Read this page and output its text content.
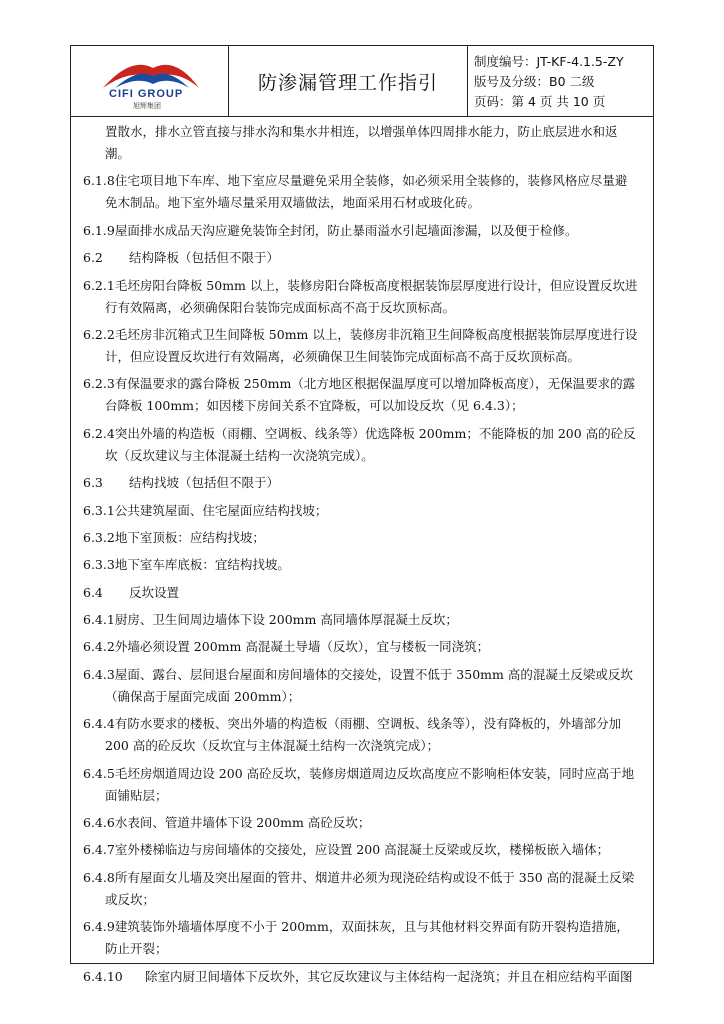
CIFI GROUP
旭辉集团
防渗漏管理工作指引
制度编号：JT-KF-4.1.5-ZY
版号及分级：B0 二级
页码：第 4 页 共 10 页
置散水，排水立管直接与排水沟和集水井相连，以增强单体四周排水能力，防止底层进水和返
潮。
6.1.8住宅项目地下车库、地下室应尽量避免采用全装修，如必须采用全装修的，装修风格应尽量避
免木制品。地下室外墙尽量采用双墙做法，地面采用石材或玻化砖。
6.1.9屋面排水成品天沟应避免装饰全封闭，防止暴雨溢水引起墙面渗漏，以及便于检修。
6.2 结构降板（包括但不限于）
6.2.1毛坯房阳台降板 50mm 以上，装修房阳台降板高度根据装饰层厚度进行设计，但应设置反坎进
行有效隔离，必须确保阳台装饰完成面标高不高于反坎顶标高。
6.2.2毛坯房非沉箱式卫生间降板 50mm 以上，装修房非沉箱卫生间降板高度根据装饰层厚度进行设
计，但应设置反坎进行有效隔离，必须确保卫生间装饰完成面标高不高于反坎顶标高。
6.2.3有保温要求的露台降板 250mm（北方地区根据保温厚度可以增加降板高度），无保温要求的露
台降板 100mm；如因楼下房间关系不宜降板，可以加设反坎（见 6.4.3）；
6.2.4突出外墙的构造板（雨棚、空调板、线条等）优选降板 200mm；不能降板的加 200 高的砼反
坎（反坎建议与主体混凝土结构一次浇筑完成）。
6.3 结构找坡（包括但不限于）
6.3.1公共建筑屋面、住宅屋面应结构找坡；
6.3.2地下室顶板：应结构找坡；
6.3.3地下室车库底板：宜结构找坡。
6.4 反坎设置
6.4.1厨房、卫生间周边墙体下设 200mm 高同墙体厚混凝土反坎；
6.4.2外墙必须设置 200mm 高混凝土导墙（反坎），宜与楼板一同浇筑；
6.4.3屋面、露台、层间退台屋面和房间墙体的交接处，设置不低于 350mm 高的混凝土反梁或反坎
（确保高于屋面完成面 200mm）；
6.4.4有防水要求的楼板、突出外墙的构造板（雨棚、空调板、线条等），没有降板的，外墙部分加
200 高的砼反坎（反坎宜与主体混凝土结构一次浇筑完成）；
6.4.5毛坯房烟道周边设 200 高砼反坎，装修房烟道周边反坎高度应不影响柜体安装，同时应高于地
面铺贴层；
6.4.6水表间、管道井墙体下设 200mm 高砼反坎；
6.4.7室外楼梯临边与房间墙体的交接处，应设置 200 高混凝土反梁或反坎，楼梯板嵌入墙体；
6.4.8所有屋面女儿墙及突出屋面的管井、烟道井必须为现浇砼结构或设不低于 350 高的混凝土反梁
或反坎；
6.4.9建筑装饰外墙墙体厚度不小于 200mm，双面抹灰，且与其他材料交界面有防开裂构造措施，
防止开裂；
6.4.10 除室内厨卫间墙体下反坎外，其它反坎建议与主体结构一起浇筑；并且在相应结构平面图
